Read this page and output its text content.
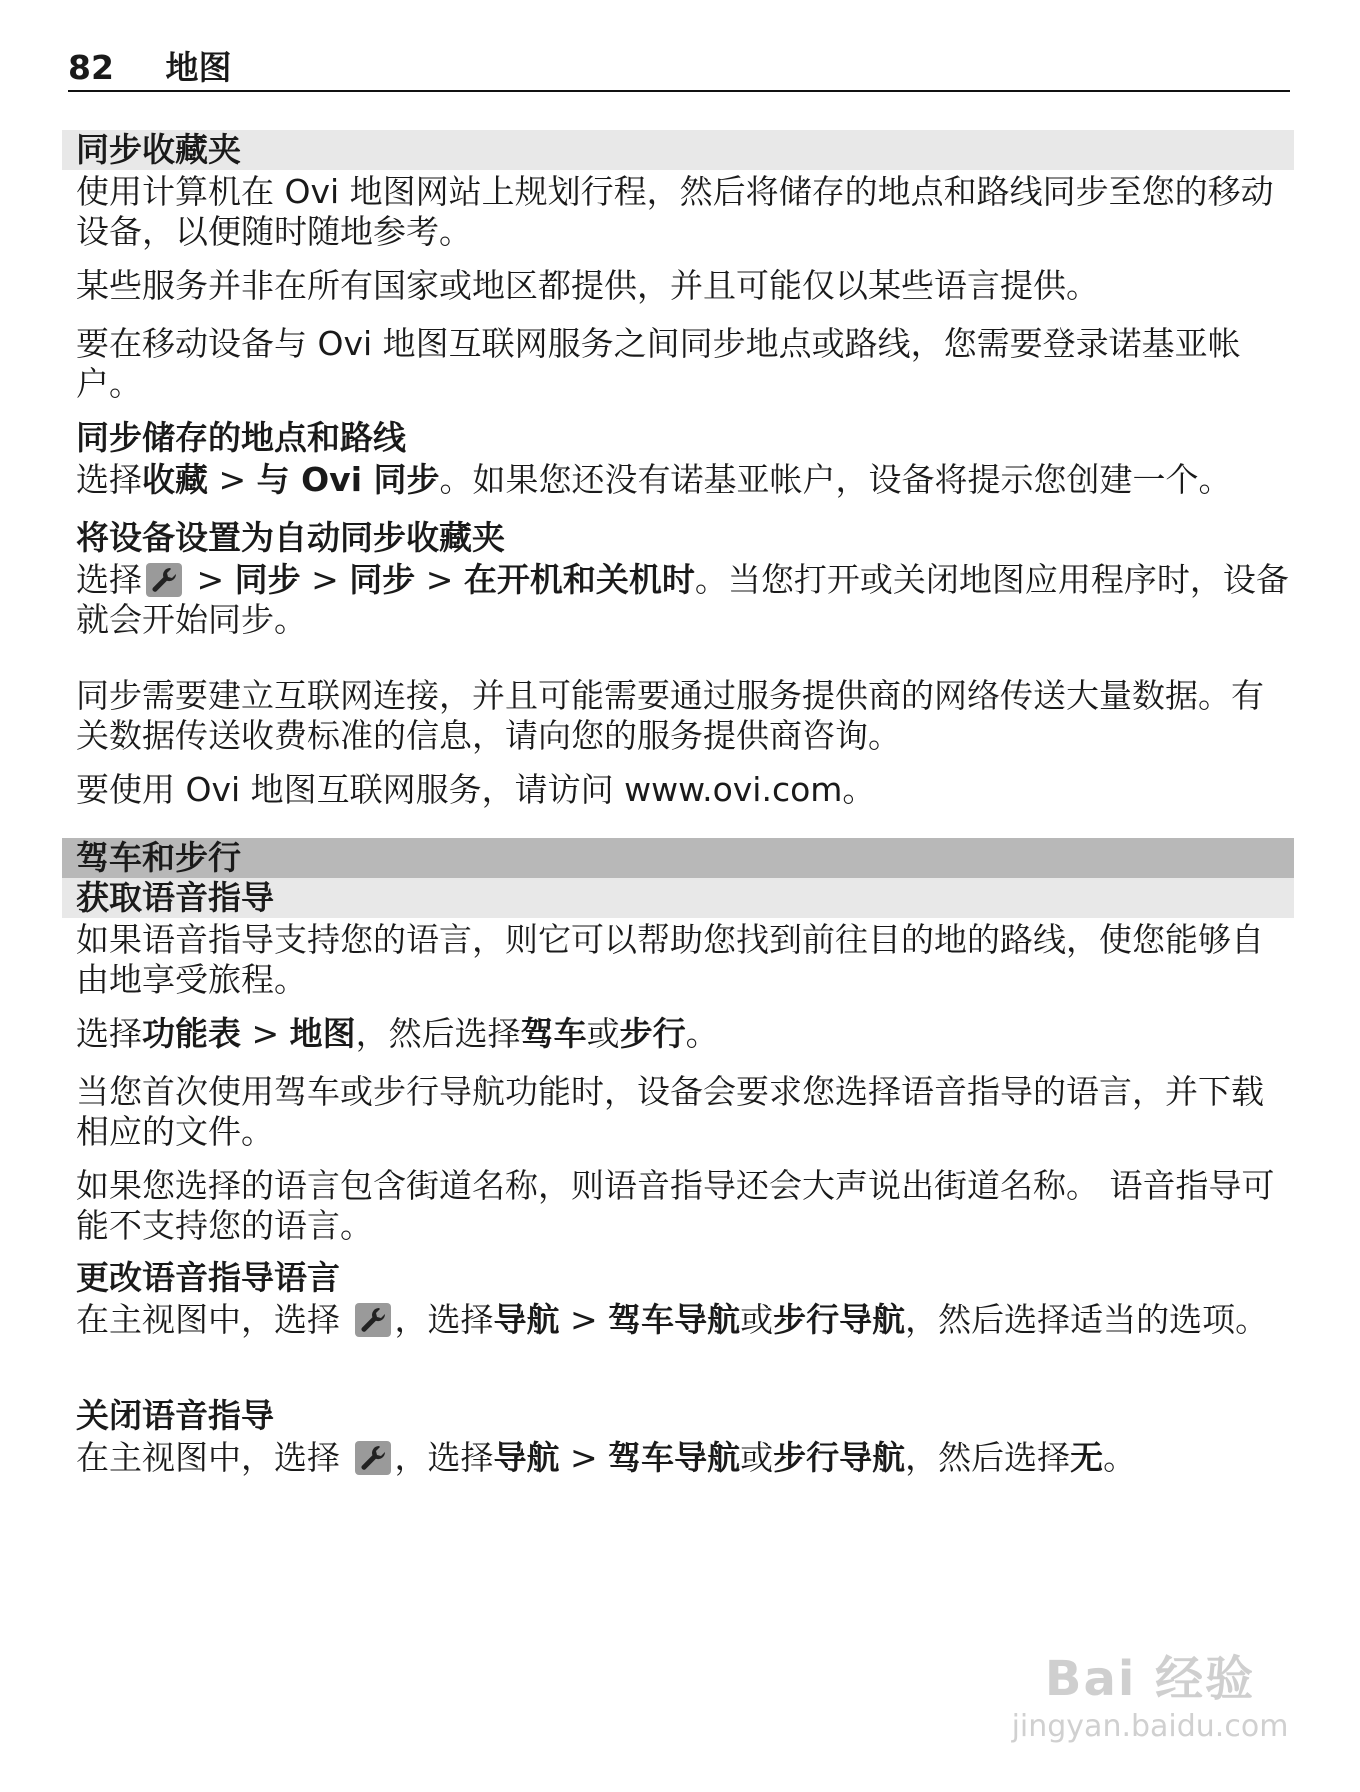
82 地图
同步收藏夹

使用计算机在 Ovi 地图网站上规划行程，然后将储存的地点和路线同步至您的移动设备，以便随时随地参考。

某些服务并非在所有国家或地区都提供，并且可能仅以某些语言提供。

要在移动设备与 Ovi 地图互联网服务之间同步地点或路线，您需要登录诺基亚帐户。

同步储存的地点和路线

选择收藏 > 与 Ovi 同步。如果您还没有诺基亚帐户，设备将提示您创建一个。

将设备设置为自动同步收藏夹

选择
> 同步 > 同步 > 在开机和关机时。当您打开或关闭地图应用程序时，设备就会开始同步。

同步需要建立互联网连接，并且可能需要通过服务提供商的网络传送大量数据。有关数据传送收费标准的信息，请向您的服务提供商咨询。

要使用 Ovi 地图互联网服务，请访问 www.ovi.com。

驾车和步行
获取语音指导

如果语音指导支持您的语言，则它可以帮助您找到前往目的地的路线，使您能够自由地享受旅程。

选择功能表 > 地图，然后选择驾车或步行。

当您首次使用驾车或步行导航功能时，设备会要求您选择语音指导的语言，并下载相应的文件。

如果您选择的语言包含街道名称，则语音指导还会大声说出街道名称。 语音指导可能不支持您的语言。

更改语音指导语言

在主视图中，选择
，选择导航 > 驾车导航或步行导航，然后选择适当的选项。

关闭语音指导

在主视图中，选择
，选择导航 > 驾车导航或步行导航，然后选择无。

Bai 经验
jingyan.baidu.com
